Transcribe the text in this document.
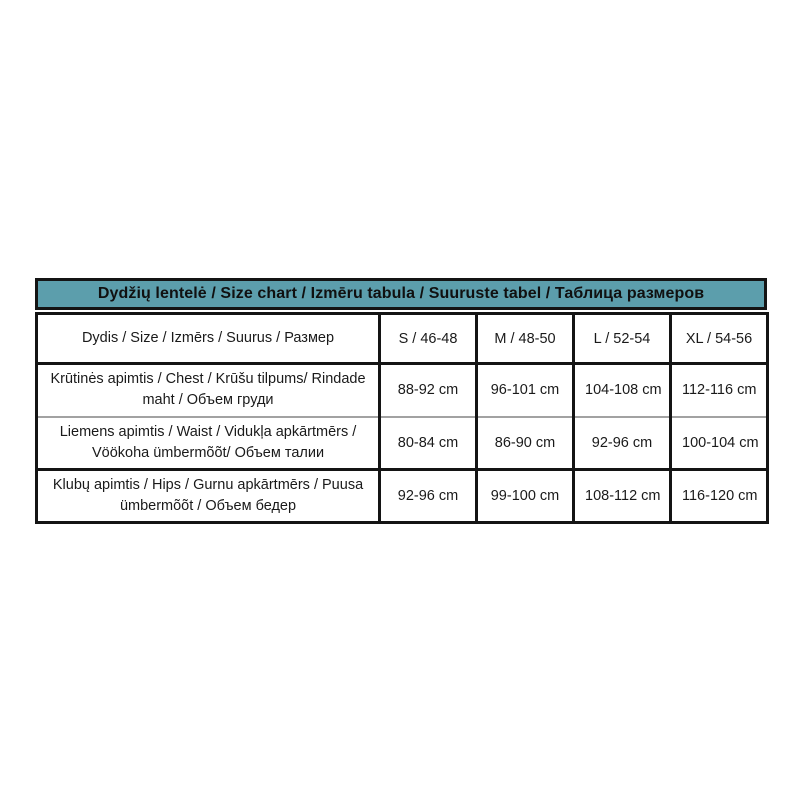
Dydžių lentelė / Size chart / Izmēru tabula / Suuruste tabel / Таблица размеров
Dydis / Size / Izmērs / Suurus / Размер	S / 46-48	M / 48-50	L / 52-54	XL / 54-56
Krūtinės apimtis / Chest / Krūšu tilpums/ Rindade maht / Объем груди	88-92 cm	96-101 cm	104-108 cm	112-116 cm
Liemens apimtis / Waist / Vidukļa apkārtmērs / Vöökoha ümbermõõt/ Объем талии	80-84 cm	86-90 cm	92-96 cm	100-104 cm
Klubų apimtis / Hips / Gurnu apkārtmērs / Puusa ümbermõõt / Объем бедер	92-96 cm	99-100 cm	108-112 cm	116-120 cm
